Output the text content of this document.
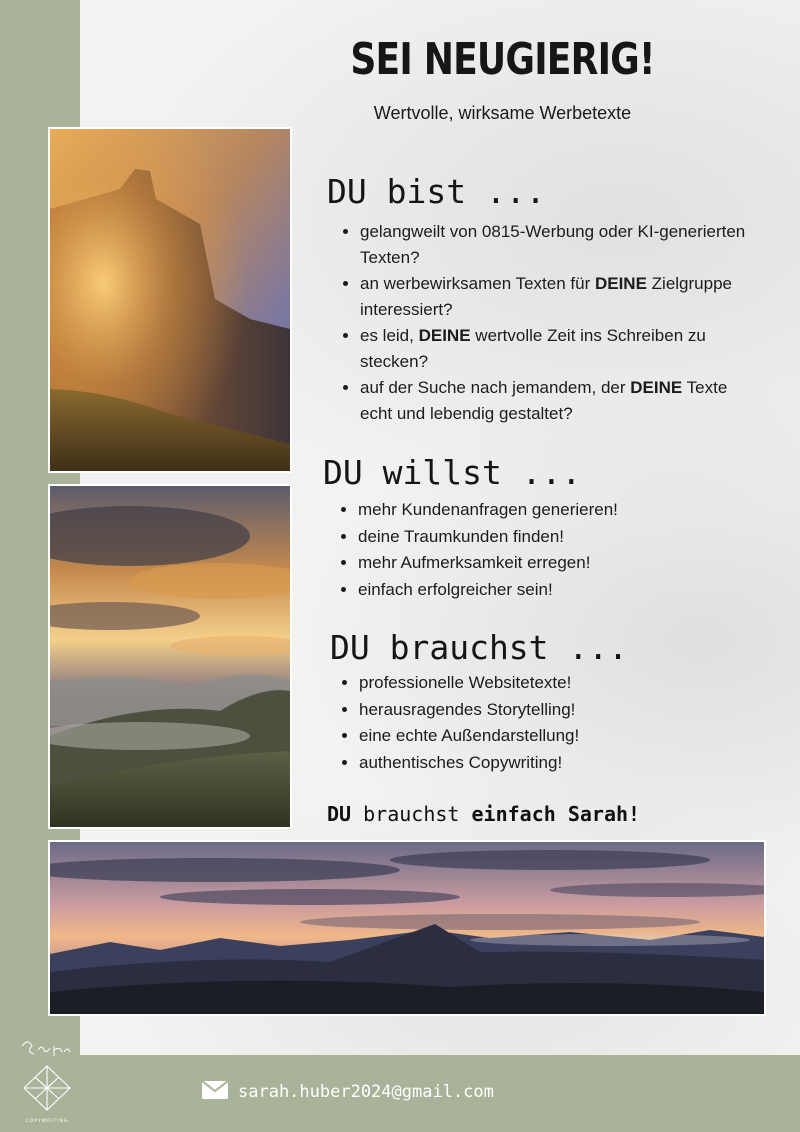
SEI NEUGIERIG!
Wertvolle, wirksame Werbetexte
DU bist ...
• gelangweilt von 0815-Werbung oder KI-generierten Texten?
• an werbewirksamen Texten für DEINE Zielgruppe interessiert?
• es leid, DEINE wertvolle Zeit ins Schreiben zu stecken?
• auf der Suche nach jemandem, der DEINE Texte echt und lebendig gestaltet?
DU willst ...
• mehr Kundenanfragen generieren!
• deine Traumkunden finden!
• mehr Aufmerksamkeit erregen!
• einfach erfolgreicher sein!
DU brauchst ...
• professionelle Websitetexte!
• herausragendes Storytelling!
• eine echte Außendarstellung!
• authentisches Copywriting!
DU brauchst einfach Sarah!
COPYWRITING
sarah.huber2024@gmail.com
